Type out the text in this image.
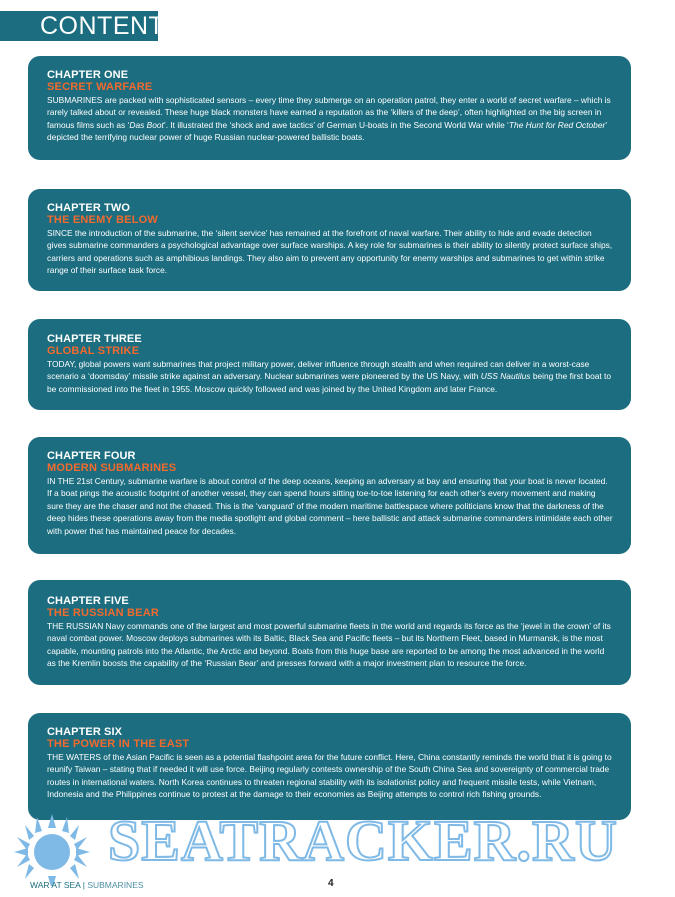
CONTENTS

CHAPTER ONE

SECRET WARFARE

SUBMARINES are packed with sophisticated sensors – every time they submerge on an operation patrol, they enter a world of secret warfare – which is rarely talked about or revealed. These huge black monsters have earned a reputation as the ‘killers of the deep’, often highlighted on the big screen in famous films such as ‘Das Boot’. It illustrated the ‘shock and awe tactics’ of German U-boats in the Second World War while ‘The Hunt for Red October’ depicted the terrifying nuclear power of huge Russian nuclear-powered ballistic boats.

CHAPTER TWO

THE ENEMY BELOW

SINCE the introduction of the submarine, the ‘silent service’ has remained at the forefront of naval warfare. Their ability to hide and evade detection gives submarine commanders a psychological advantage over surface warships. A key role for submarines is their ability to silently protect surface ships, carriers and operations such as amphibious landings. They also aim to prevent any opportunity for enemy warships and submarines to get within strike range of their surface task force.

CHAPTER THREE

GLOBAL STRIKE

TODAY, global powers want submarines that project military power, deliver influence through stealth and when required can deliver in a worst-case scenario a ‘doomsday’ missile strike against an adversary. Nuclear submarines were pioneered by the US Navy, with USS Nautilus being the first boat to be commissioned into the fleet in 1955. Moscow quickly followed and was joined by the United Kingdom and later France.

CHAPTER FOUR

MODERN SUBMARINES

IN THE 21st Century, submarine warfare is about control of the deep oceans, keeping an adversary at bay and ensuring that your boat is never located. If a boat pings the acoustic footprint of another vessel, they can spend hours sitting toe-to-toe listening for each other’s every movement and making sure they are the chaser and not the chased. This is the ‘vanguard’ of the modern maritime battlespace where politicians know that the darkness of the deep hides these operations away from the media spotlight and global comment – here ballistic and attack submarine commanders intimidate each other with power that has maintained peace for decades.

CHAPTER FIVE

THE RUSSIAN BEAR

THE RUSSIAN Navy commands one of the largest and most powerful submarine fleets in the world and regards its force as the ‘jewel in the crown’ of its naval combat power. Moscow deploys submarines with its Baltic, Black Sea and Pacific fleets – but its Northern Fleet, based in Murmansk, is the most capable, mounting patrols into the Atlantic, the Arctic and beyond. Boats from this huge base are reported to be among the most advanced in the world as the Kremlin boosts the capability of the ‘Russian Bear’ and presses forward with a major investment plan to resource the force.

CHAPTER SIX

THE POWER IN THE EAST

THE WATERS of the Asian Pacific is seen as a potential flashpoint area for the future conflict. Here, China constantly reminds the world that it is going to reunify Taiwan – stating that if needed it will use force. Beijing regularly contests ownership of the South China Sea and sovereignty of commercial trade routes in international waters. North Korea continues to threaten regional stability with its isolationist policy and frequent missile tests, while Vietnam, Indonesia and the Philippines continue to protest at the damage to their economies as Beijing attempts to control rich fishing grounds.

SEATRACKER.RU
WAR AT SEA | SUBMARINES	4
